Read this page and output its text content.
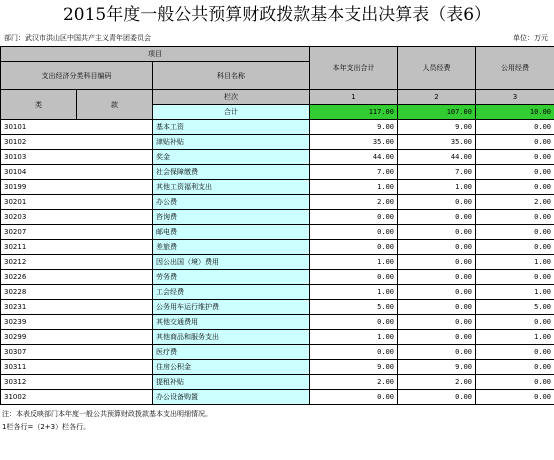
2015年度一般公共预算财政拨款基本支出决算表（表6）
部门：武汉市洪山区中国共产主义青年团委员会	单位：万元
项目			本年支出合计	人员经费	公用经费
支出经济分类科目编码		科目名称			

类	款	栏次	1	2	3
		合计	117.00	107.00	10.00
30101		基本工资	9.00	9.00	0.00
30102		津贴补贴	35.00	35.00	0.00
30103		奖金	44.00	44.00	0.00
30104		社会保障缴费	7.00	7.00	0.00
30199		其他工资福利支出	1.00	1.00	0.00
30201		办公费	2.00	0.00	2.00
30203		咨询费	0.00	0.00	0.00
30207		邮电费	0.00	0.00	0.00
30211		差旅费	0.00	0.00	0.00
30212		因公出国（境）费用	1.00	0.00	1.00
30226		劳务费	0.00	0.00	0.00
30228		工会经费	1.00	0.00	1.00
30231		公务用车运行维护费	5.00	0.00	5.00
30239		其他交通费用	0.00	0.00	0.00
30299		其他商品和服务支出	1.00	0.00	1.00
30307		医疗费	0.00	0.00	0.00
30311		住房公积金	9.00	9.00	0.00
30312		提租补贴	2.00	2.00	0.00
31002		办公设备购置	0.00	0.00	0.00
注：本表反映部门本年度一般公共预算财政拨款基本支出明细情况。
1栏各行=（2+3）栏各行。
